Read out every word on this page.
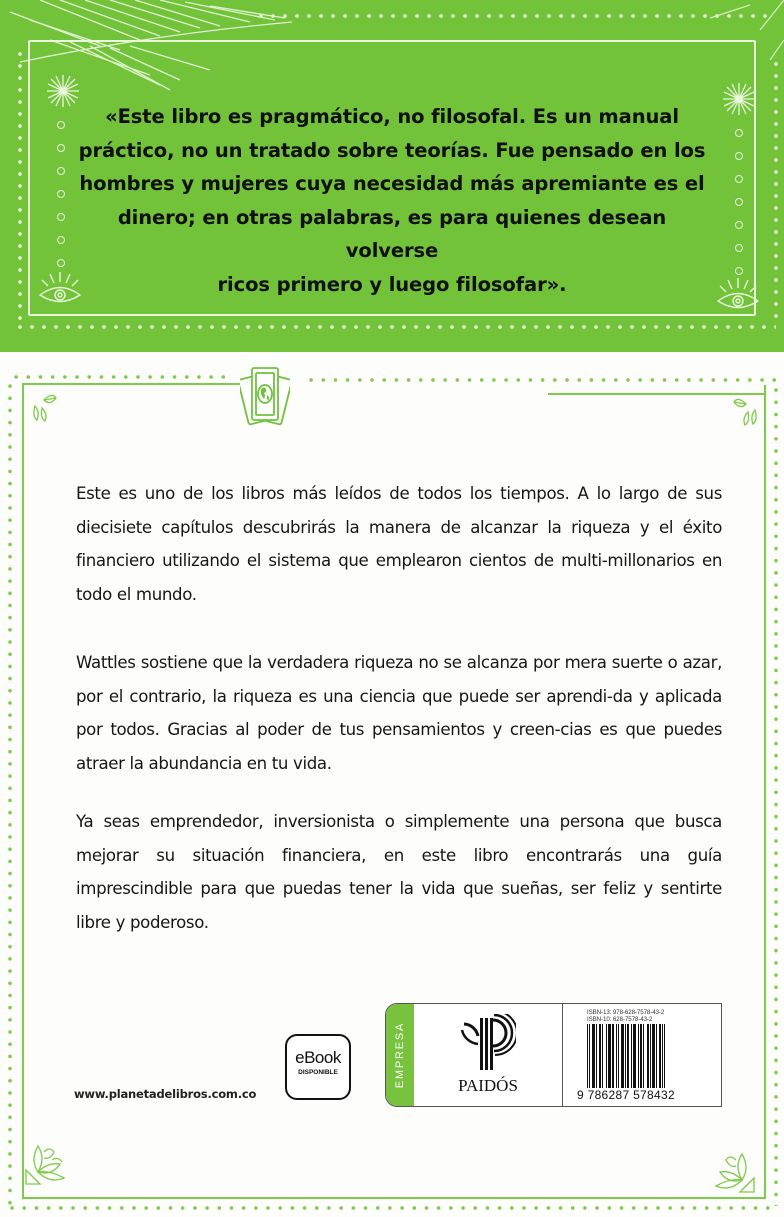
«Este libro es pragmático, no filosofal. Es un manual
práctico, no un tratado sobre teorías. Fue pensado en los
hombres y mujeres cuya necesidad más apremiante es el
dinero; en otras palabras, es para quienes desean volverse
ricos primero y luego filosofar».
Este es uno de los libros más leídos de todos los tiempos. A lo largo de sus diecisiete capítulos descubrirás la manera de alcanzar la riqueza y el éxito financiero utilizando el sistema que emplearon cientos de multi-millonarios en todo el mundo.
Wattles sostiene que la verdadera riqueza no se alcanza por mera suerte o azar, por el contrario, la riqueza es una ciencia que puede ser aprendi-da y aplicada por todos. Gracias al poder de tus pensamientos y creen-cias es que puedes atraer la abundancia en tu vida.
Ya seas emprendedor, inversionista o simplemente una persona que busca mejorar su situación financiera, en este libro encontrarás una guía imprescindible para que puedas tener la vida que sueñas, ser feliz y sentirte libre y poderoso.
www.planetadelibros.com.co
eBook
DISPONIBLE	EMPRESA	PAIDÓS
ISBN-13: 978-628-7578-43-2
ISBN-10: 628-7578-43-2
9 786287 578432
